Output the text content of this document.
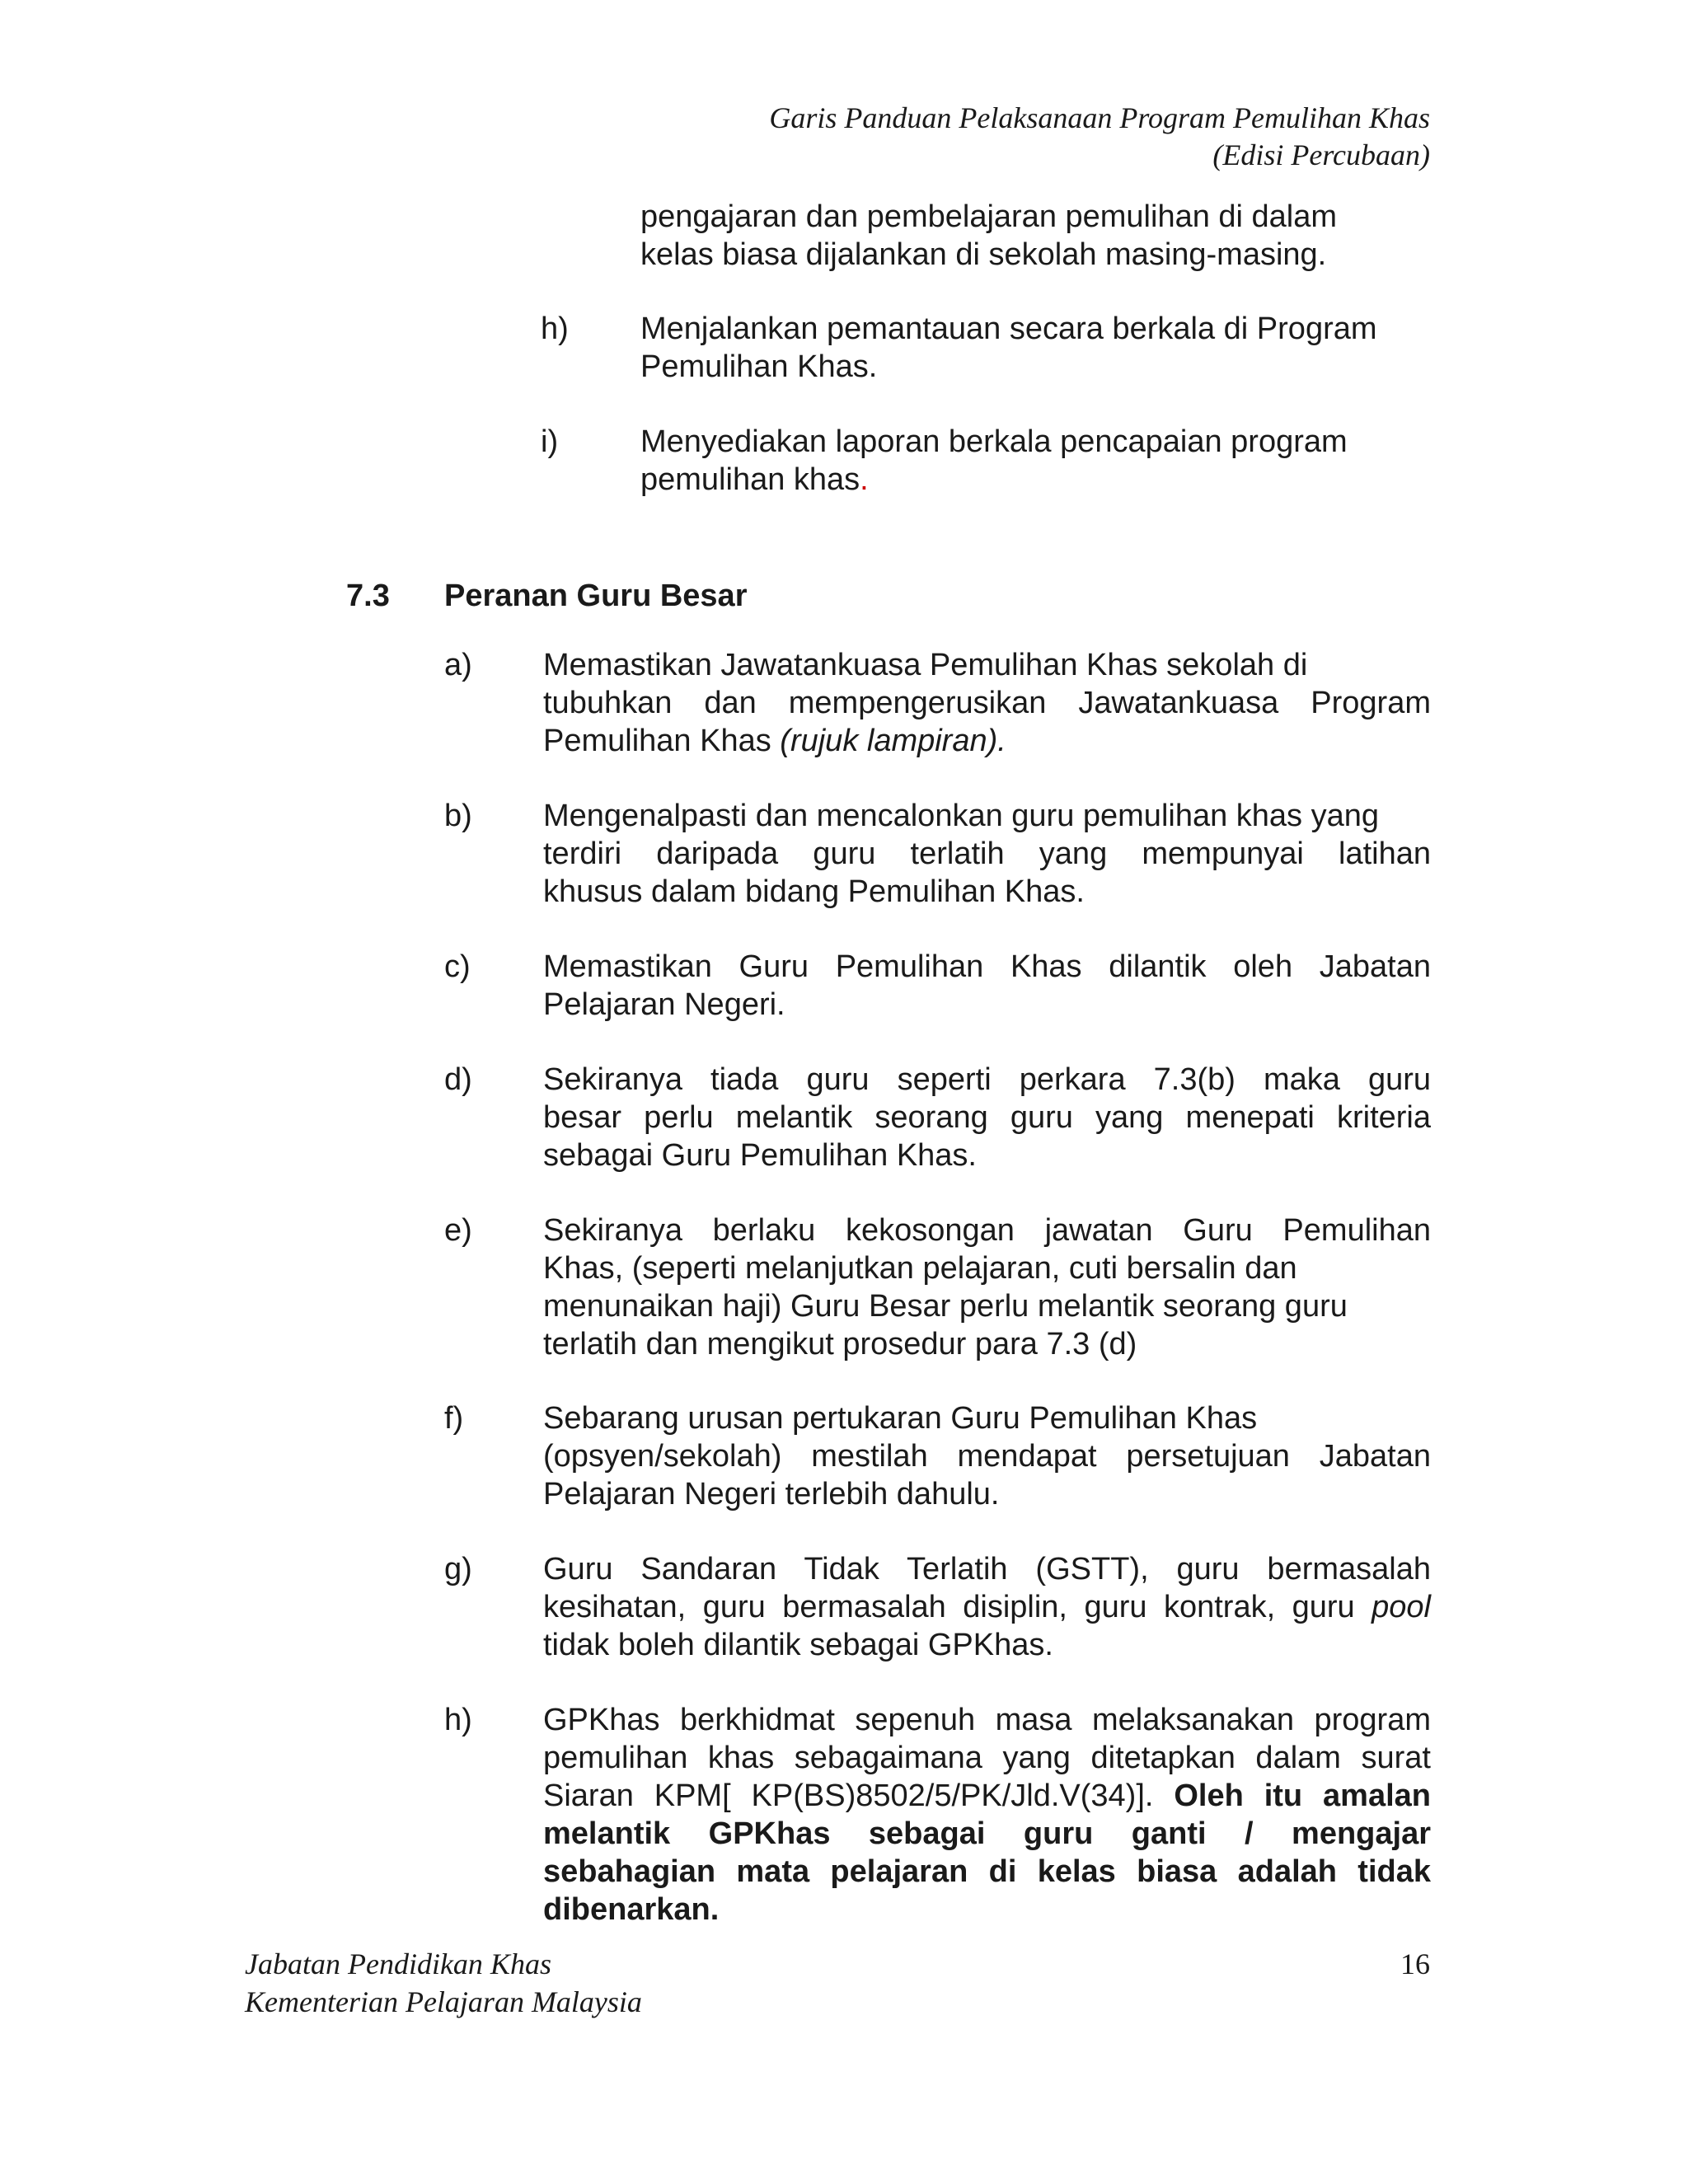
Garis Panduan Pelaksanaan Program Pemulihan Khas
(Edisi Percubaan)

pengajaran dan pembelajaran pemulihan di dalam

kelas biasa dijalankan di sekolah masing-masing.

h) Menjalankan pemantauan secara berkala di Program
Pemulihan Khas.
i)	Menyediakan laporan berkala pencapaian program
pemulihan khas.
7.3 Peranan Guru Besar
a) Memastikan Jawatankuasa Pemulihan Khas sekolah di
tubuhkan dan mempengerusikan Jawatankuasa Program
Pemulihan Khas (rujuk lampiran).
b) Mengenalpasti dan mencalonkan guru pemulihan khas yang
terdiri daripada guru terlatih yang mempunyai latihan
khusus dalam bidang Pemulihan Khas.
c) Memastikan Guru Pemulihan Khas dilantik oleh Jabatan
Pelajaran Negeri.
d) Sekiranya tiada guru seperti perkara 7.3(b) maka guru
besar perlu melantik seorang guru yang menepati kriteria
sebagai Guru Pemulihan Khas.
e) Sekiranya berlaku kekosongan jawatan Guru Pemulihan
Khas, (seperti melanjutkan pelajaran, cuti bersalin dan
menunaikan haji) Guru Besar perlu melantik seorang guru
terlatih dan mengikut prosedur para 7.3 (d)
f)	Sebarang urusan pertukaran Guru Pemulihan Khas
(opsyen/sekolah) mestilah mendapat persetujuan Jabatan
Pelajaran Negeri terlebih dahulu.
g) Guru Sandaran Tidak Terlatih (GSTT), guru bermasalah
kesihatan, guru bermasalah disiplin, guru kontrak, guru pool
tidak boleh dilantik sebagai GPKhas.
h) GPKhas berkhidmat sepenuh masa melaksanakan program
pemulihan khas sebagaimana yang ditetapkan dalam surat
Siaran KPM[ KP(BS)8502/5/PK/Jld.V(34)]. Oleh itu amalan
melantik GPKhas sebagai guru ganti / mengajar
sebahagian mata pelajaran di kelas biasa adalah tidak
dibenarkan.
Jabatan Pendidikan Khas
Kementerian Pelajaran Malaysia
16
